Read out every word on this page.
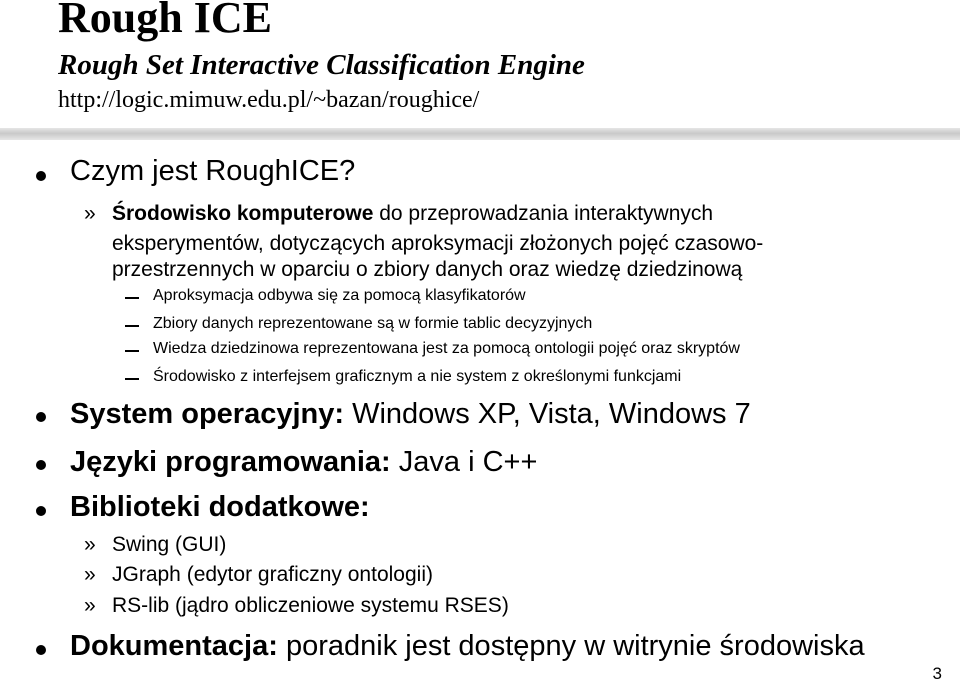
Rough ICE
Rough Set Interactive Classification Engine
http://logic.mimuw.edu.pl/~bazan/roughice/
Czym jest RoughICE?
» Środowisko komputerowe do przeprowadzania interaktywnych
eksperymentów, dotyczących aproksymacji złożonych pojęć czasowo-
przestrzennych w oparciu o zbiory danych oraz wiedzę dziedzinową
Aproksymacja odbywa się za pomocą klasyfikatorów
Zbiory danych reprezentowane są w formie tablic decyzyjnych
Wiedza dziedzinowa reprezentowana jest za pomocą ontologii pojęć oraz skryptów
Środowisko z interfejsem graficznym a nie system z określonymi funkcjami
System operacyjny: Windows XP, Vista, Windows 7
Języki programowania: Java i C++
Biblioteki dodatkowe:
» Swing (GUI)
» JGraph (edytor graficzny ontologii)
» RS-lib (jądro obliczeniowe systemu RSES)
Dokumentacja: poradnik jest dostępny w witrynie środowiska
3
